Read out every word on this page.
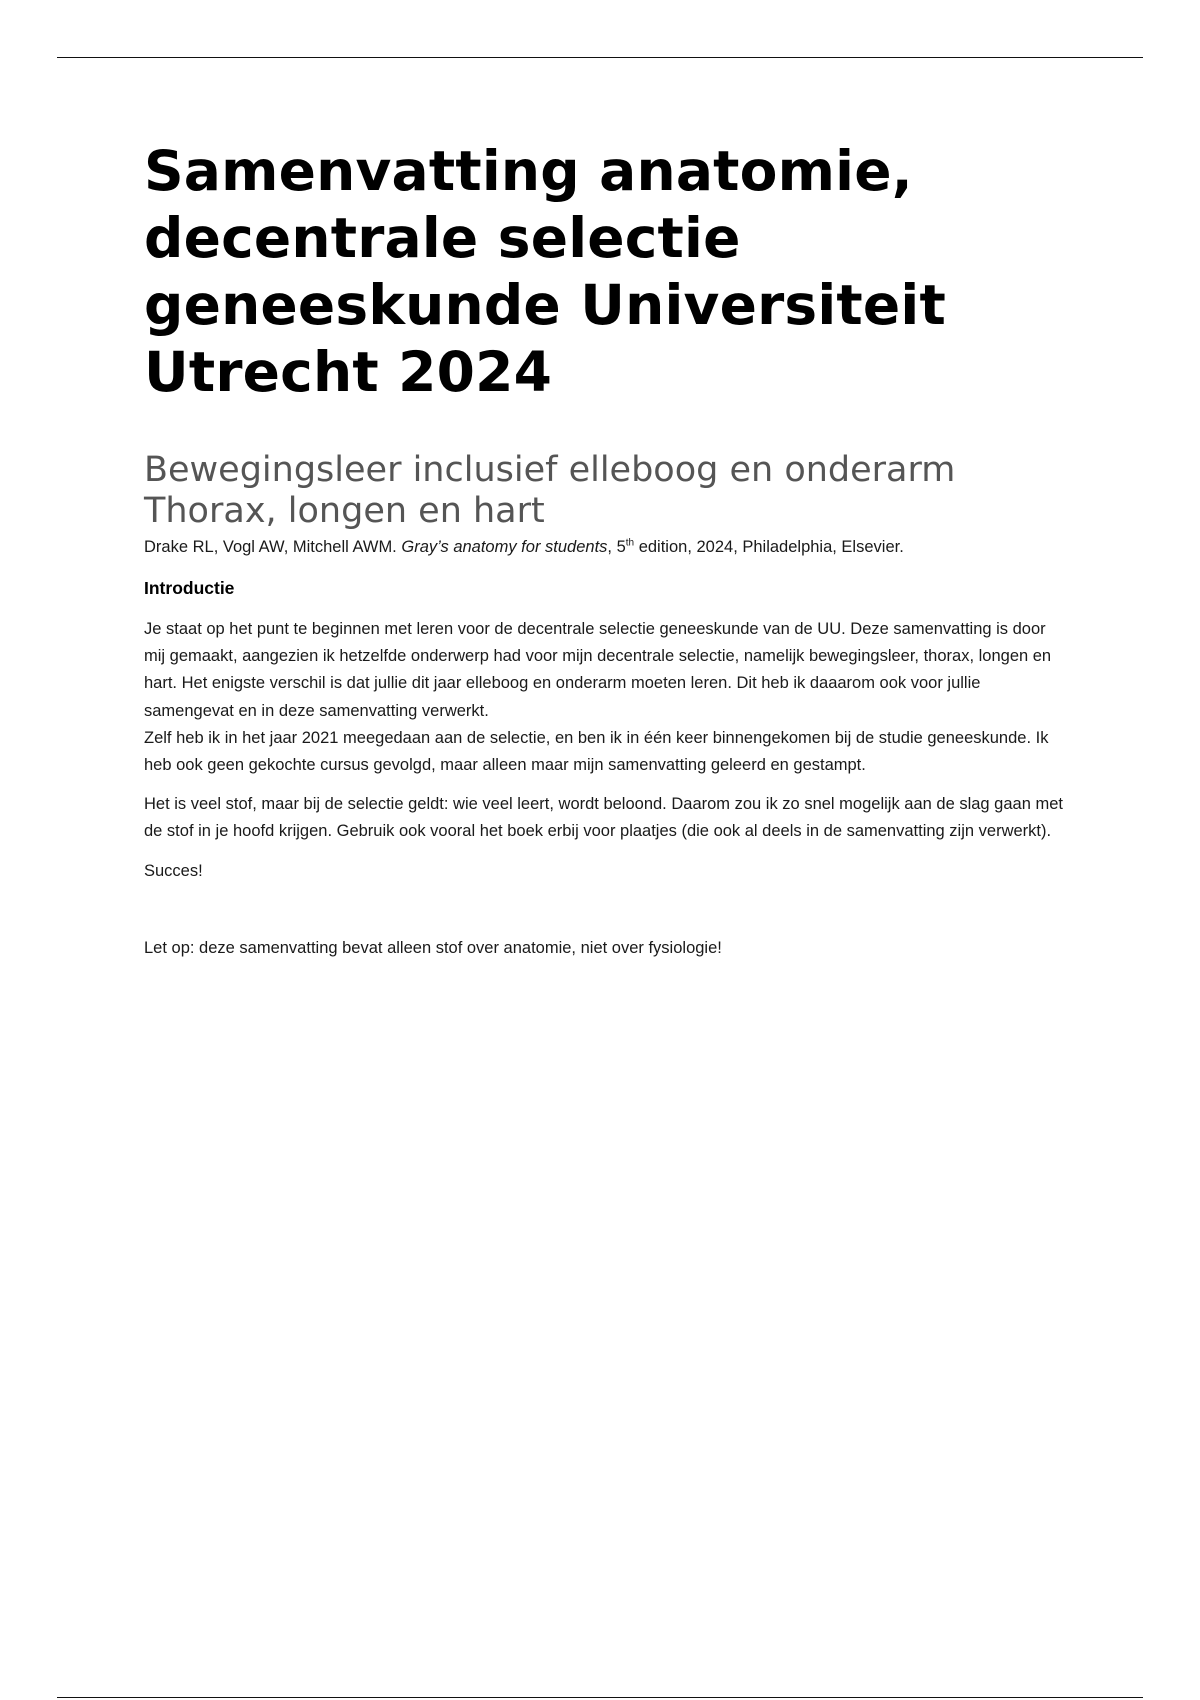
Samenvatting anatomie, decentrale selectie geneeskunde Universiteit Utrecht 2024
Bewegingsleer inclusief elleboog en onderarm
Thorax, longen en hart
Drake RL, Vogl AW, Mitchell AWM. Gray’s anatomy for students, 5th edition, 2024, Philadelphia, Elsevier.
Introductie

Je staat op het punt te beginnen met leren voor de decentrale selectie geneeskunde van de UU. Deze samenvatting is door mij gemaakt, aangezien ik hetzelfde onderwerp had voor mijn decentrale selectie, namelijk bewegingsleer, thorax, longen en hart. Het enigste verschil is dat jullie dit jaar elleboog en onderarm moeten leren. Dit heb ik daaarom ook voor jullie samengevat en in deze samenvatting verwerkt.

Zelf heb ik in het jaar 2021 meegedaan aan de selectie, en ben ik in één keer binnengekomen bij de studie geneeskunde. Ik heb ook geen gekochte cursus gevolgd, maar alleen maar mijn samenvatting geleerd en gestampt.

Het is veel stof, maar bij de selectie geldt: wie veel leert, wordt beloond. Daarom zou ik zo snel mogelijk aan de slag gaan met de stof in je hoofd krijgen. Gebruik ook vooral het boek erbij voor plaatjes (die ook al deels in de samenvatting zijn verwerkt).

Succes!

Let op: deze samenvatting bevat alleen stof over anatomie, niet over fysiologie!
